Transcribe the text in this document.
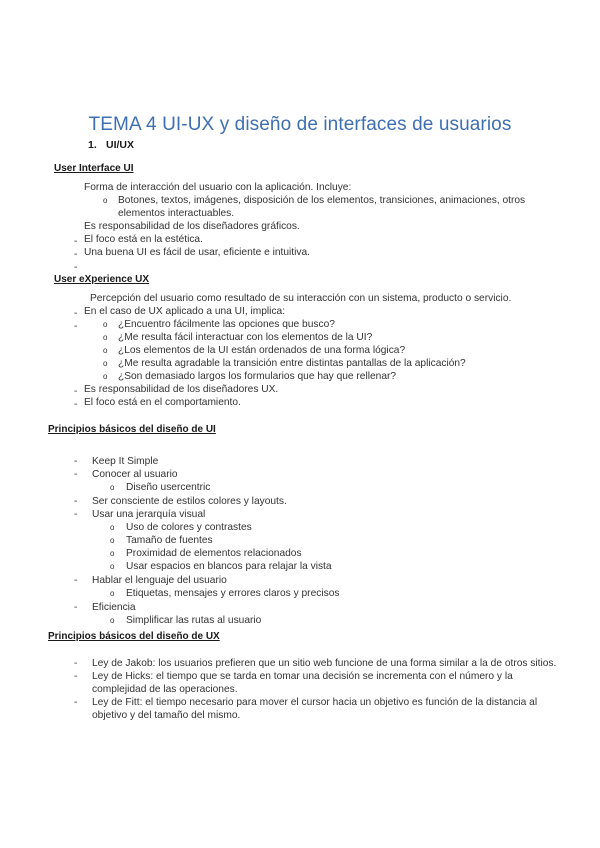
TEMA 4 UI-UX y diseño de interfaces de usuarios
1. UI/UX
User Interface UI
Forma de interacción del usuario con la aplicación. Incluye:
o Botones, textos, imágenes, disposición de los elementos, transiciones, animaciones, otros
elementos interactuables.
Es responsabilidad de los diseñadores gráficos.
- El foco está en la estética.
- Una buena UI es fácil de usar, eficiente e intuitiva.
-
User eXperience UX
Percepción del usuario como resultado de su interacción con un sistema, producto o servicio.
- En el caso de UX aplicado a una UI, implica:
-	o ¿Encuentro fácilmente las opciones que busco?
o ¿Me resulta fácil interactuar con los elementos de la UI?
o ¿Los elementos de la UI están ordenados de una forma lógica?
o ¿Me resulta agradable la transición entre distintas pantallas de la aplicación?
o ¿Son demasiado largos los formularios que hay que rellenar?
- Es responsabilidad de los diseñadores UX.
- El foco está en el comportamiento.
Principios básicos del diseño de UI
- Keep It Simple
- Conocer al usuario
o Diseño usercentric
- Ser consciente de estilos colores y layouts.
- Usar una jerarquía visual
o Uso de colores y contrastes
o Tamaño de fuentes
o Proximidad de elementos relacionados
o Usar espacios en blancos para relajar la vista
- Hablar el lenguaje del usuario
o Etiquetas, mensajes y errores claros y precisos
- Eficiencia
o Simplificar las rutas al usuario
Principios básicos del diseño de UX
- Ley de Jakob: los usuarios prefieren que un sitio web funcione de una forma similar a la de otros sitios.
- Ley de Hicks: el tiempo que se tarda en tomar una decisión se incrementa con el número y la
complejidad de las operaciones.
- Ley de Fitt: el tiempo necesario para mover el cursor hacia un objetivo es función de la distancia al
objetivo y del tamaño del mismo.
